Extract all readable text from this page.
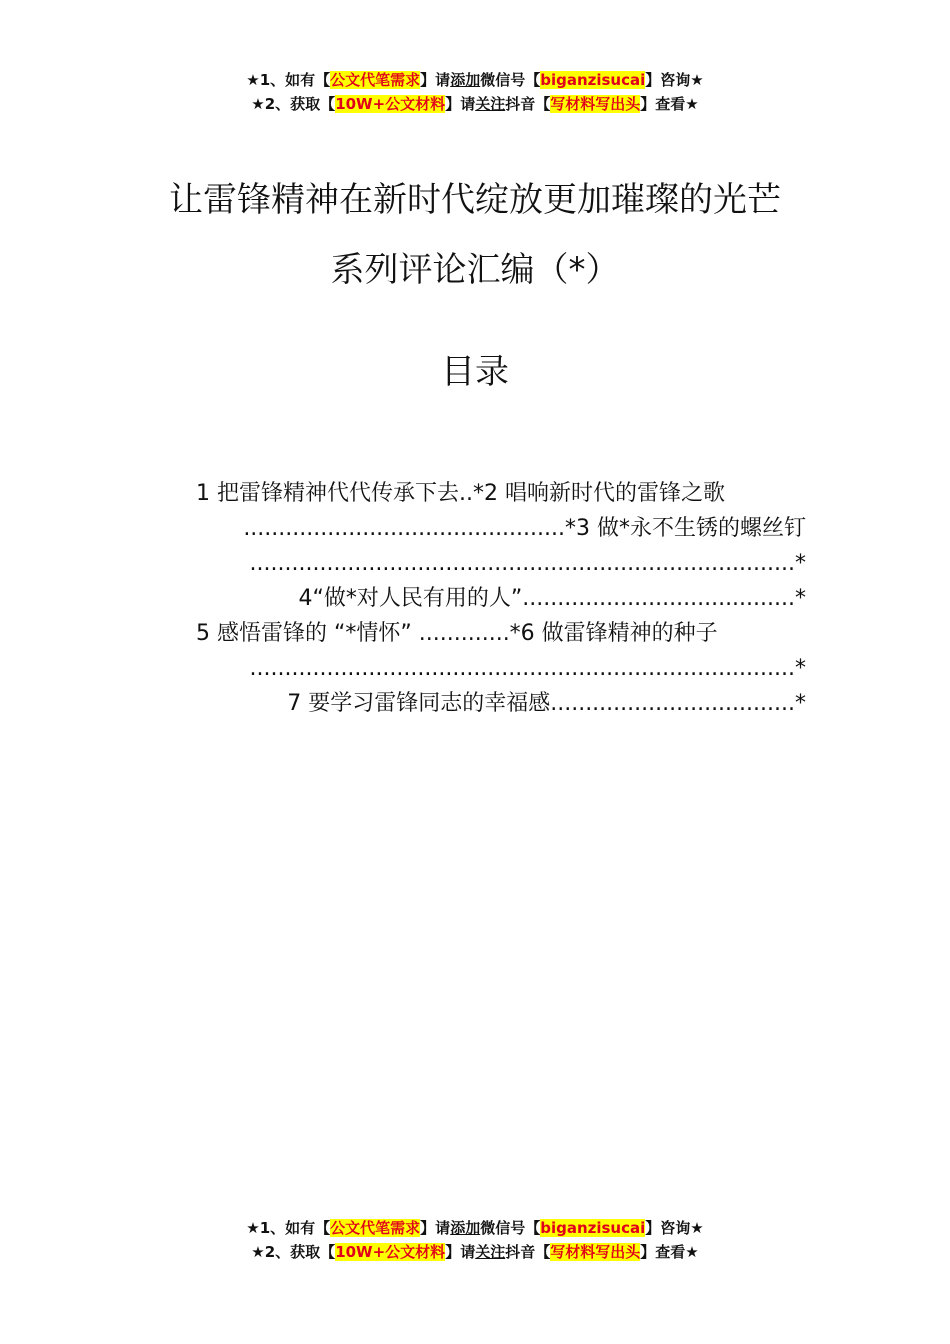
★1、如有【公文代笔需求】请添加微信号【biganzisucai】咨询★
★2、获取【10W+公文材料】请关注抖音【写材料写出头】查看★
让雷锋精神在新时代绽放更加璀璨的光芒
系列评论汇编（*）
目录
1 把雷锋精神代代传承下去..*2 唱响新时代的雷锋之歌
..............................................*3 做*永不生锈的螺丝钉
..............................................................................*
4“做*对人民有用的人”.......................................*
5 感悟雷锋的 “*情怀” .............*6 做雷锋精神的种子
..............................................................................*
7 要学习雷锋同志的幸福感...................................*
★1、如有【公文代笔需求】请添加微信号【biganzisucai】咨询★
★2、获取【10W+公文材料】请关注抖音【写材料写出头】查看★
